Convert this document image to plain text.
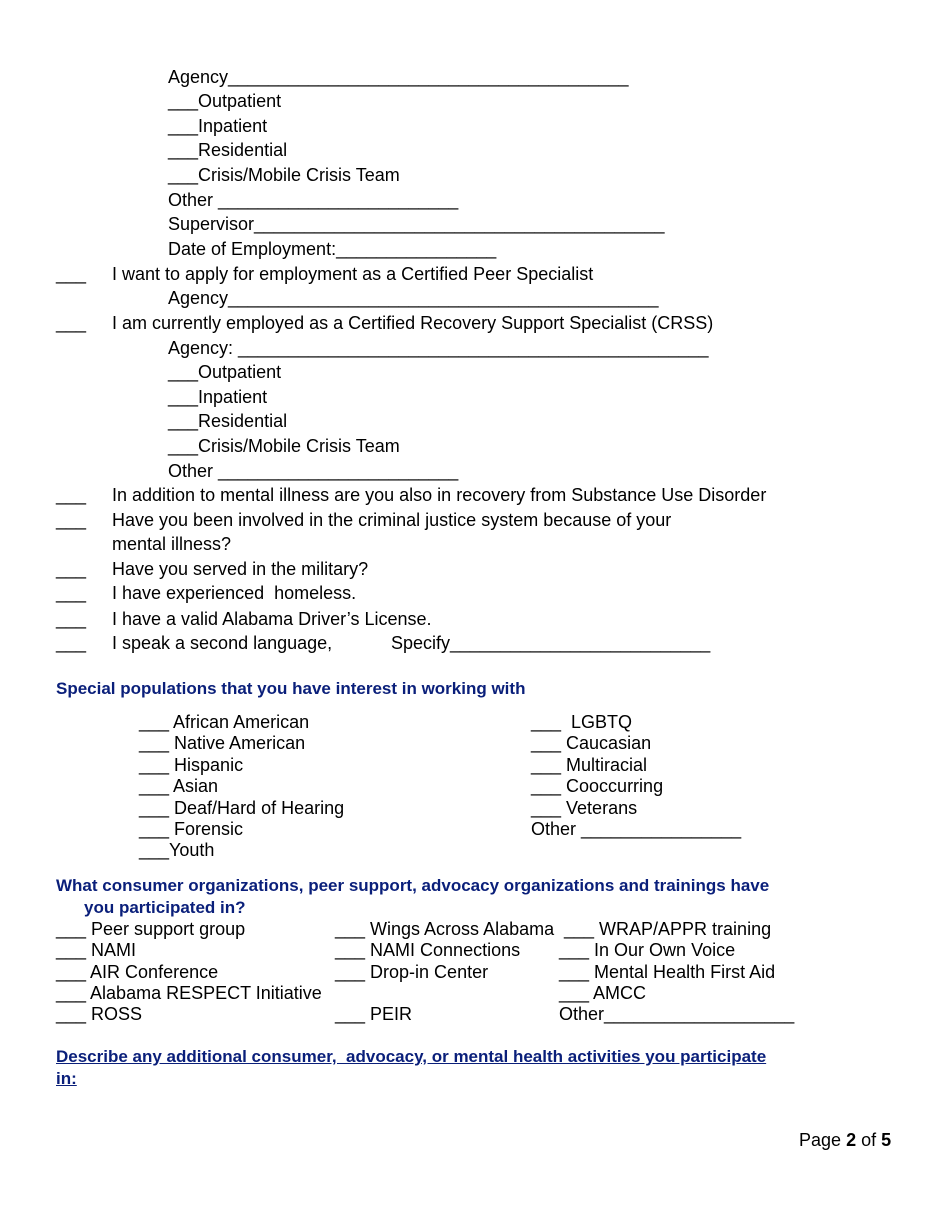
Agency________________________________________
___Outpatient
___Inpatient
___Residential
___Crisis/Mobile Crisis Team
Other ________________________
Supervisor_________________________________________
Date of Employment:________________
___ I want to apply for employment as a Certified Peer Specialist
Agency___________________________________________
___ I am currently employed as a Certified Recovery Support Specialist (CRSS)
Agency: _______________________________________________
___Outpatient
___Inpatient
___Residential
___Crisis/Mobile Crisis Team
Other ________________________
___ In addition to mental illness are you also in recovery from Substance Use Disorder
___ Have you been involved in the criminal justice system because of your
mental illness?
___ Have you served in the military?
___ I have experienced  homeless.
___ I have a valid Alabama Driver’s License.
___ I speak a second language,	Specify__________________________
Special populations that you have interest in working with
___ African American
___ Native American
___ Hispanic
___ Asian
___ Deaf/Hard of Hearing
___ Forensic
___Youth
___  LGBTQ
___ Caucasian
___ Multiracial
___ Cooccurring
___ Veterans
Other ________________
What consumer organizations, peer support, advocacy organizations and trainings have
you participated in?
___ Peer support group
___ NAMI
___ AIR Conference
___ Alabama RESPECT Initiative
___ ROSS
___ Wings Across Alabama
___ NAMI Connections
___ Drop-in Center
___ PEIR
___ WRAP/APPR training
___ In Our Own Voice
___ Mental Health First Aid
___ AMCC
Other___________________
Describe any additional consumer,  advocacy, or mental health activities you participate
in:
Page 2 of 5
